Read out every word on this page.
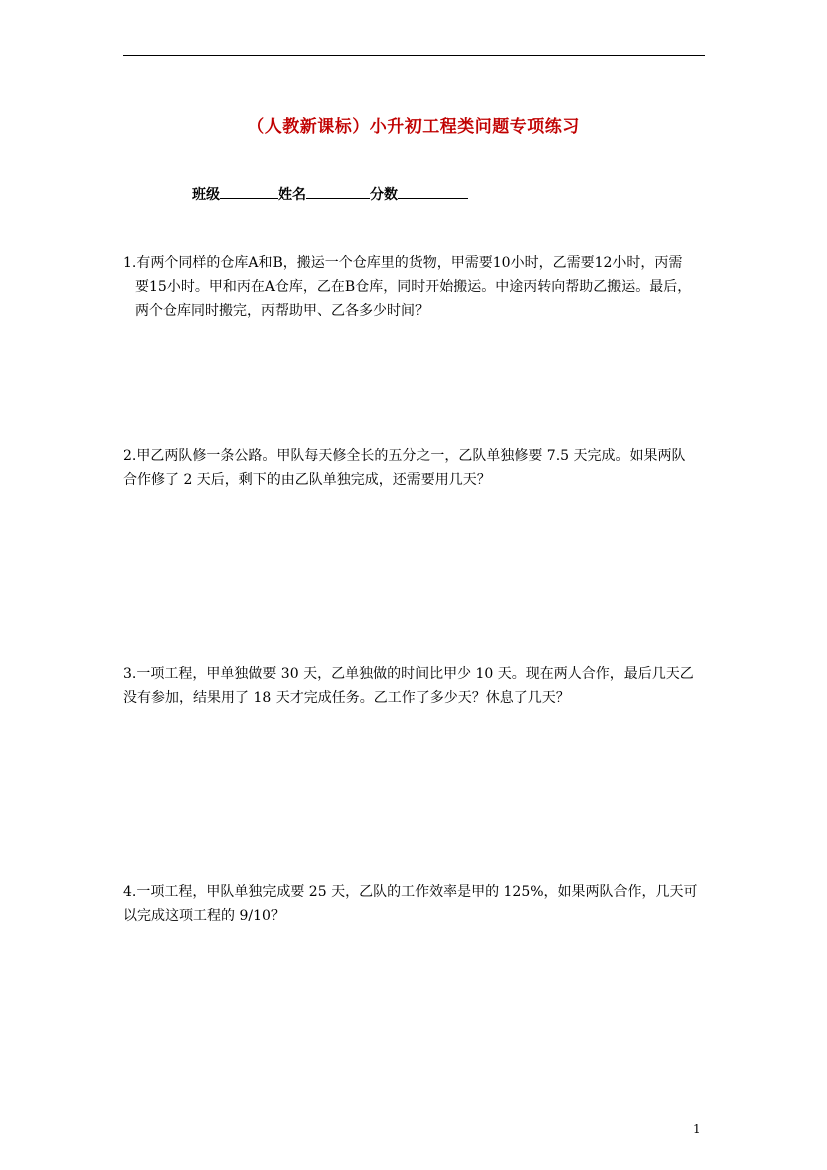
（人教新课标）小升初工程类问题专项练习
班级	姓名	分数

1.有两个同样的仓库A和B，搬运一个仓库里的货物，甲需要10小时，乙需要12小时，丙需

要15小时。甲和丙在A仓库，乙在B仓库，同时开始搬运。中途丙转向帮助乙搬运。最后，

两个仓库同时搬完，丙帮助甲、乙各多少时间？

2.甲乙两队修一条公路。甲队每天修全长的五分之一，乙队单独修要 7.5 天完成。如果两队

合作修了 2 天后，剩下的由乙队单独完成，还需要用几天？

3.一项工程，甲单独做要 30 天，乙单独做的时间比甲少 10 天。现在两人合作，最后几天乙

没有参加，结果用了 18 天才完成任务。乙工作了多少天？休息了几天？

4.一项工程，甲队单独完成要 25 天，乙队的工作效率是甲的 125%，如果两队合作，几天可

以完成这项工程的 9/10？

1
